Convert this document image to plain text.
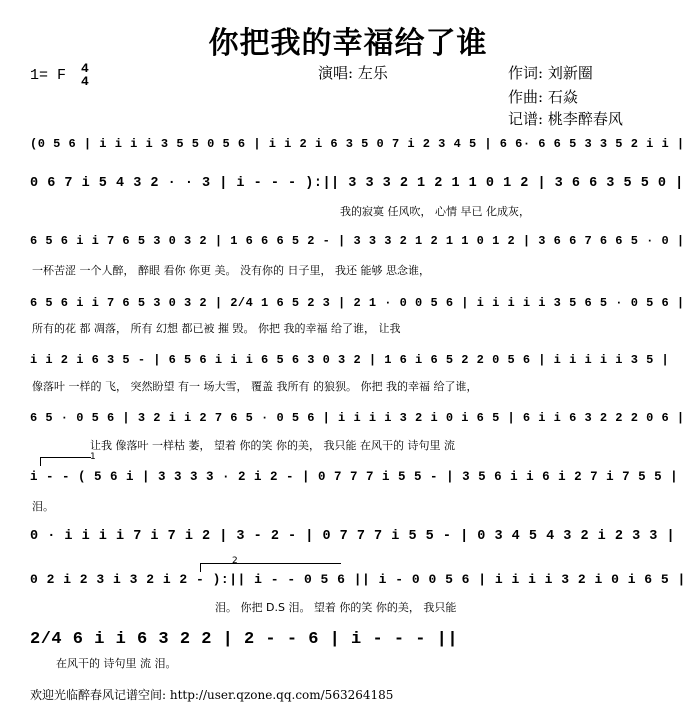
你把我的幸福给了谁
1= F 4
4	演唱: 左乐	作词: 刘新圈
作曲: 石焱
记谱: 桃李醉春风
(0 5 6 | i i i i 3 5 5 0 5 6 | i i 2 i 6 3 5 0 7 i 2 3 4 5 | 6 6· 6 6 5 3 3 5 2 i i |
0 6 7 i 5 4 3 2 · · 3 | i - - - ):|| 3 3 3 2 1 2 1 1 0 1 2 | 3 6 6 3 5 5 0 |
我的寂寞 任风吹， 心情 早已 化成灰，
6 5 6 i i 7 6 5 3 0 3 2 | 1 6 6 6 5 2 - | 3 3 3 2 1 2 1 1 0 1 2 | 3 6 6 7 6 6 5 · 0 |
一杯苦涩 一个人醉， 醉眼 看你 你更 美。 没有你的 日子里， 我还 能够 思念谁，
6 5 6 i i 7 6 5 3 0 3 2 | 2/4 1 6 5 2 3 | 2 1 · 0 0 5 6 | i i i i i 3 5 6 5 · 0 5 6 |
所有的花 都 凋落， 所有 幻想 都已被 摧 毁。 你把 我的幸福 给了谁， 让我
i i 2 i 6 3 5 - | 6 5 6 i i i 6 5 6 3 0 3 2 | 1 6 i 6 5 2 2 0 5 6 | i i i i i 3 5 |
像落叶 一样的 飞， 突然盼望 有一 场大雪， 覆盖 我所有 的狼狈。 你把 我的幸福 给了谁，
6 5 · 0 5 6 | 3 2 i i 2 7 6 5 · 0 5 6 | i i i i 3 2 i 0 i 6 5 | 6 i i 6 3 2 2 2 0 6 |
让我 像落叶 一样枯 萎， 望着 你的笑 你的美， 我只能 在风干的 诗句里 流
1
i - - ( 5 6 i | 3 3 3 3 · 2 i 2 - | 0 7 7 7 i 5 5 - | 3 5 6 i i 6 i 2 7 i 7 5 5 |
泪。
0 · i i i i 7 i 7 i 2 | 3 - 2 - | 0 7 7 7 i 5 5 - | 0 3 4 5 4 3 2 i 2 3 3 |
2
0 2 i 2 3 i 3 2 i 2 - ):|| i - - 0 5 6 || i - 0 0 5 6 | i i i i 3 2 i 0 i 6 5 |
泪。 你把 D.S 泪。 望着 你的笑 你的美， 我只能
2/4 6 i i 6 3 2 2 | 2 - - 6 | i - - - ||
在风干的 诗句里 流 泪。
欢迎光临醉春风记谱空间: http://user.qzone.qq.com/563264185
